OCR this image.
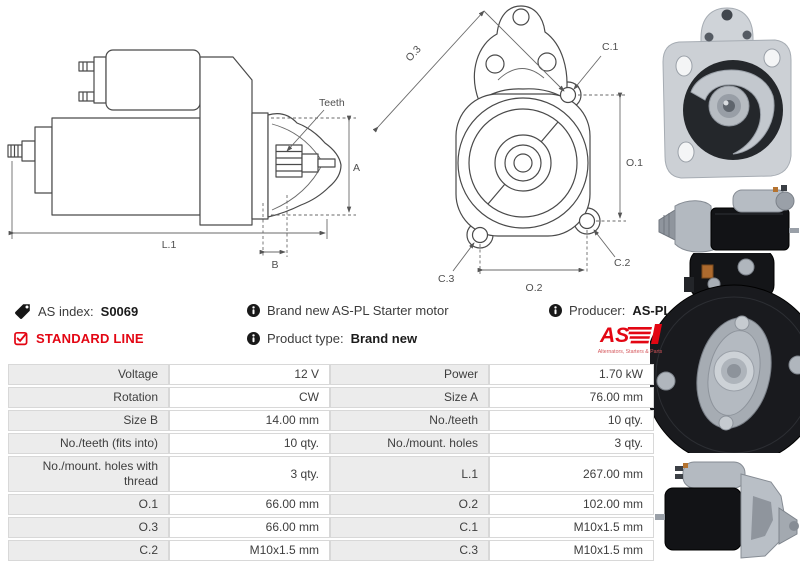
Teeth
A
L.1
B
O.3	C.1
O.1
O.2
C.3
C.2
AS index: S0069
STANDARD LINE
Brand new AS-PL Starter motor
Product type: Brand new
Producer: AS-PL
AS
Alternators, Starters & Parts
Voltage	12 V	Power	1.70 kW
Rotation	CW	Size A	76.00 mm
Size B	14.00 mm	No./teeth	10 qty.
No./teeth (fits into)	10 qty.	No./mount. holes	3 qty.
No./mount. holes with thread	3 qty.	L.1	267.00 mm
O.1	66.00 mm	O.2	102.00 mm
O.3	66.00 mm	C.1	M10x1.5 mm
C.2	M10x1.5 mm	C.3	M10x1.5 mm
